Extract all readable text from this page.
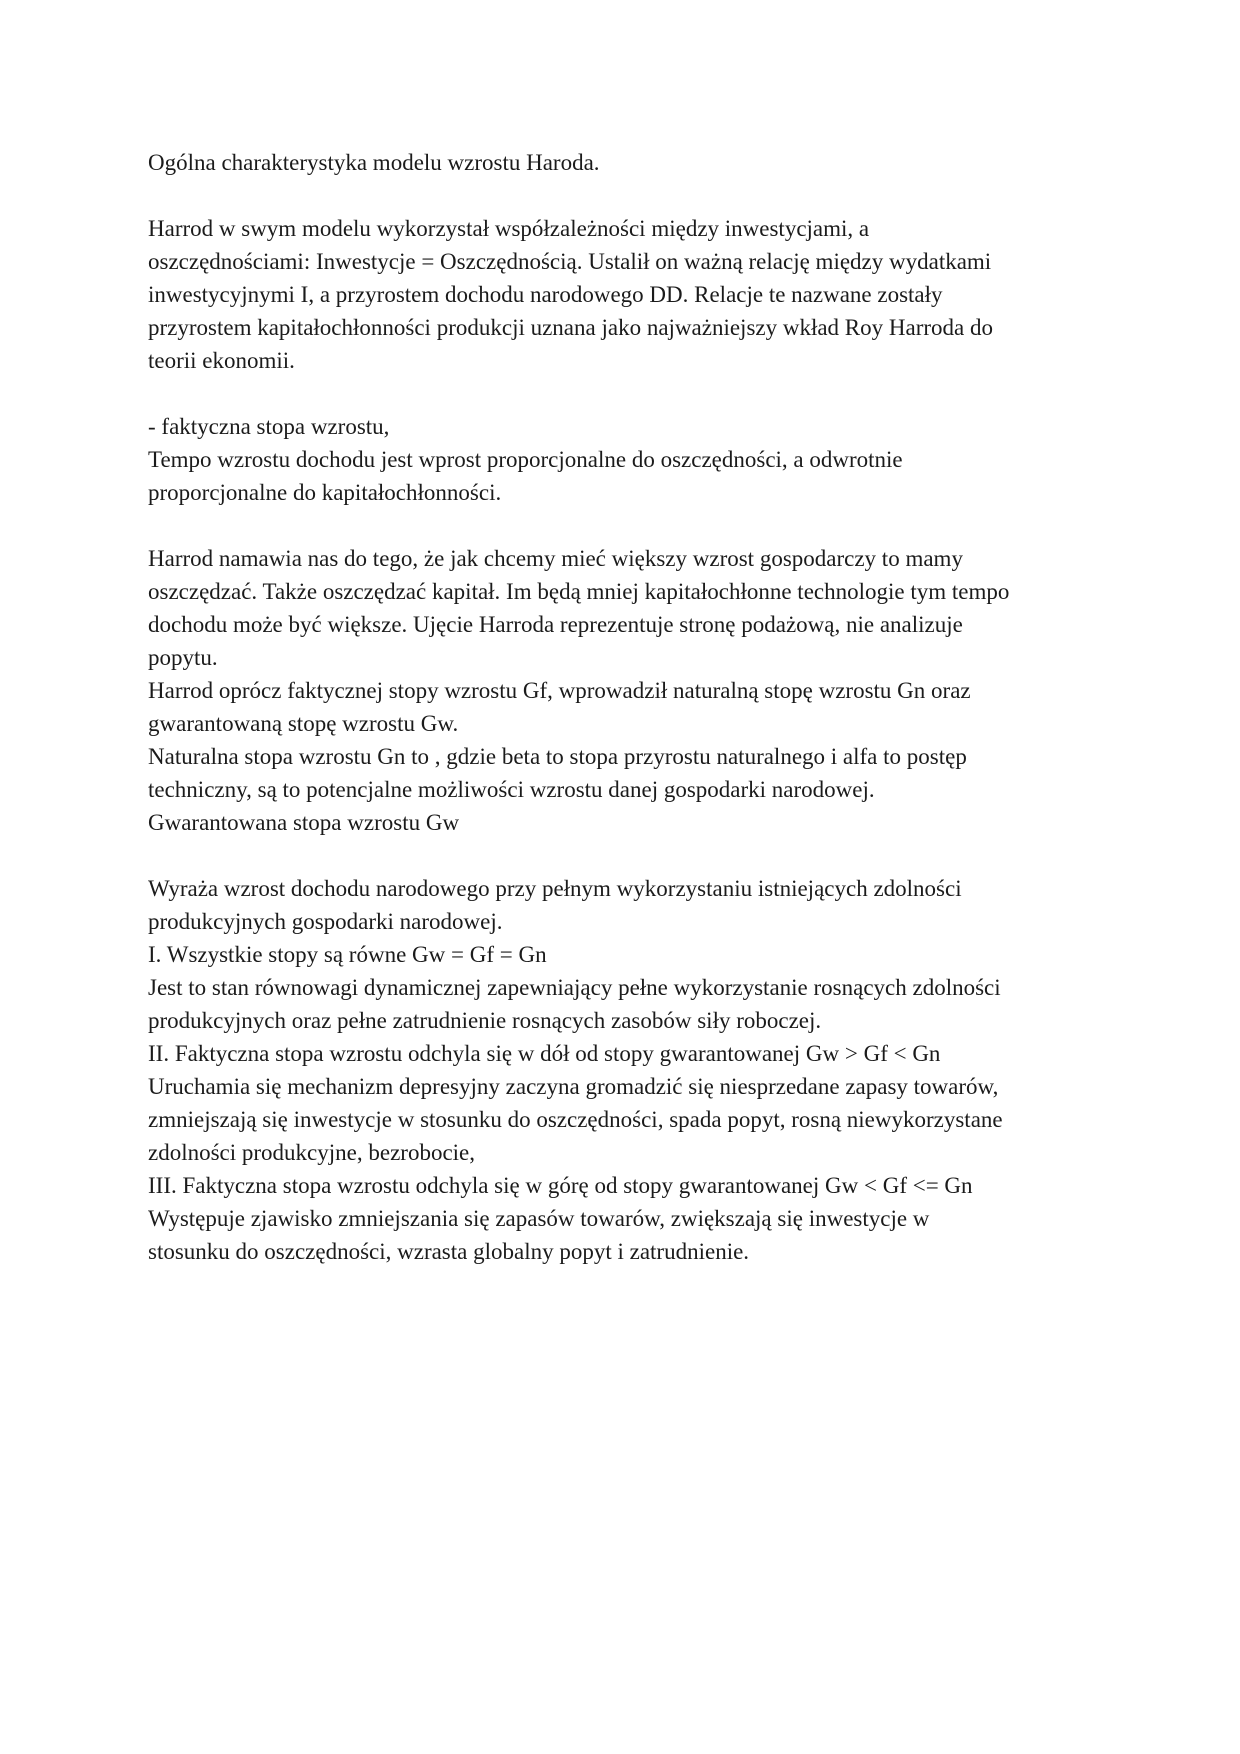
Ogólna charakterystyka modelu wzrostu Haroda.
Harrod w swym modelu wykorzystał współzależności między inwestycjami, a
oszczędnościami: Inwestycje = Oszczędnością. Ustalił on ważną relację między wydatkami
inwestycyjnymi I, a przyrostem dochodu narodowego DD. Relacje te nazwane zostały
przyrostem kapitałochłonności produkcji uznana jako najważniejszy wkład Roy Harroda do
teorii ekonomii.
- faktyczna stopa wzrostu,
Tempo wzrostu dochodu jest wprost proporcjonalne do oszczędności, a odwrotnie
proporcjonalne do kapitałochłonności.
Harrod namawia nas do tego, że jak chcemy mieć większy wzrost gospodarczy to mamy
oszczędzać. Także oszczędzać kapitał. Im będą mniej kapitałochłonne technologie tym tempo
dochodu może być większe. Ujęcie Harroda reprezentuje stronę podażową, nie analizuje
popytu.
Harrod oprócz faktycznej stopy wzrostu Gf, wprowadził naturalną stopę wzrostu Gn oraz
gwarantowaną stopę wzrostu Gw.
Naturalna stopa wzrostu Gn to , gdzie beta to stopa przyrostu naturalnego i alfa to postęp
techniczny, są to potencjalne możliwości wzrostu danej gospodarki narodowej.
Gwarantowana stopa wzrostu Gw
Wyraża wzrost dochodu narodowego przy pełnym wykorzystaniu istniejących zdolności
produkcyjnych gospodarki narodowej.
I. Wszystkie stopy są równe Gw = Gf = Gn
Jest to stan równowagi dynamicznej zapewniający pełne wykorzystanie rosnących zdolności
produkcyjnych oraz pełne zatrudnienie rosnących zasobów siły roboczej.
II. Faktyczna stopa wzrostu odchyla się w dół od stopy gwarantowanej Gw > Gf < Gn
Uruchamia się mechanizm depresyjny zaczyna gromadzić się niesprzedane zapasy towarów,
zmniejszają się inwestycje w stosunku do oszczędności, spada popyt, rosną niewykorzystane
zdolności produkcyjne, bezrobocie,
III. Faktyczna stopa wzrostu odchyla się w górę od stopy gwarantowanej Gw < Gf <= Gn
Występuje zjawisko zmniejszania się zapasów towarów, zwiększają się inwestycje w
stosunku do oszczędności, wzrasta globalny popyt i zatrudnienie.
